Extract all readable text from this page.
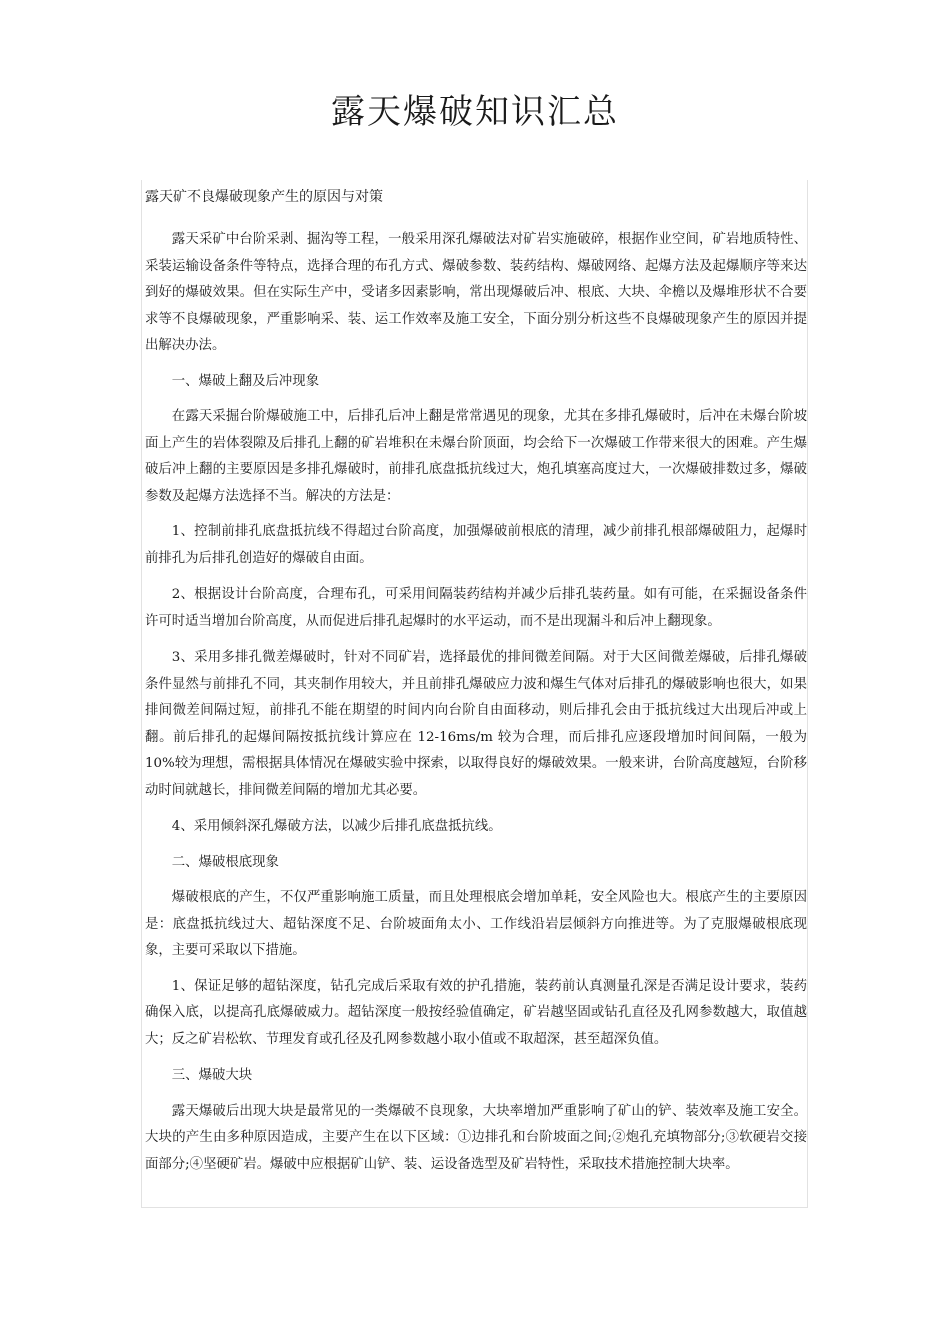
露天爆破知识汇总
露天矿不良爆破现象产生的原因与对策

露天采矿中台阶采剥、掘沟等工程，一般采用深孔爆破法对矿岩实施破碎，根据作业空间，矿岩地质特性、采装运输设备条件等特点，选择合理的布孔方式、爆破参数、装药结构、爆破网络、起爆方法及起爆顺序等来达到好的爆破效果。但在实际生产中，受诸多因素影响，常出现爆破后冲、根底、大块、伞檐以及爆堆形状不合要求等不良爆破现象，严重影响采、装、运工作效率及施工安全，下面分别分析这些不良爆破现象产生的原因并提出解决办法。

一、爆破上翻及后冲现象

在露天采掘台阶爆破施工中，后排孔后冲上翻是常常遇见的现象，尤其在多排孔爆破时，后冲在未爆台阶坡面上产生的岩体裂隙及后排孔上翻的矿岩堆积在未爆台阶顶面，均会给下一次爆破工作带来很大的困难。产生爆破后冲上翻的主要原因是多排孔爆破时，前排孔底盘抵抗线过大，炮孔填塞高度过大，一次爆破排数过多，爆破参数及起爆方法选择不当。解决的方法是：

1、控制前排孔底盘抵抗线不得超过台阶高度，加强爆破前根底的清理，减少前排孔根部爆破阻力，起爆时前排孔为后排孔创造好的爆破自由面。

2、根据设计台阶高度，合理布孔，可采用间隔装药结构并减少后排孔装药量。如有可能，在采掘设备条件许可时适当增加台阶高度，从而促进后排孔起爆时的水平运动，而不是出现漏斗和后冲上翻现象。

3、采用多排孔微差爆破时，针对不同矿岩，选择最优的排间微差间隔。对于大区间微差爆破，后排孔爆破条件显然与前排孔不同，其夹制作用较大，并且前排孔爆破应力波和爆生气体对后排孔的爆破影响也很大，如果排间微差间隔过短，前排孔不能在期望的时间内向台阶自由面移动，则后排孔会由于抵抗线过大出现后冲或上翻。前后排孔的起爆间隔按抵抗线计算应在 12-16ms/m 较为合理，而后排孔应逐段增加时间间隔，一般为 10%较为理想，需根据具体情况在爆破实验中探索，以取得良好的爆破效果。一般来讲，台阶高度越短，台阶移动时间就越长，排间微差间隔的增加尤其必要。

4、采用倾斜深孔爆破方法，以减少后排孔底盘抵抗线。

二、爆破根底现象

爆破根底的产生，不仅严重影响施工质量，而且处理根底会增加单耗，安全风险也大。根底产生的主要原因是：底盘抵抗线过大、超钻深度不足、台阶坡面角太小、工作线沿岩层倾斜方向推进等。为了克服爆破根底现象，主要可采取以下措施。

1、保证足够的超钻深度，钻孔完成后采取有效的护孔措施，装药前认真测量孔深是否满足设计要求，装药确保入底，以提高孔底爆破威力。超钻深度一般按经验值确定，矿岩越坚固或钻孔直径及孔网参数越大，取值越大；反之矿岩松软、节理发育或孔径及孔网参数越小取小值或不取超深，甚至超深负值。

三、爆破大块

露天爆破后出现大块是最常见的一类爆破不良现象，大块率增加严重影响了矿山的铲、装效率及施工安全。大块的产生由多种原因造成，主要产生在以下区域：①边排孔和台阶坡面之间;②炮孔充填物部分;③软硬岩交接面部分;④坚硬矿岩。爆破中应根据矿山铲、装、运设备选型及矿岩特性，采取技术措施控制大块率。
